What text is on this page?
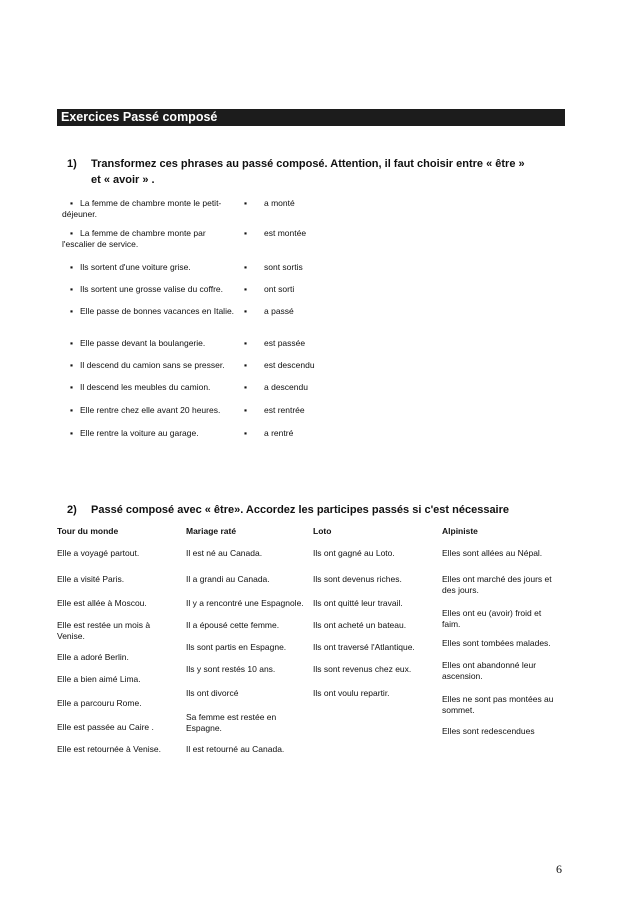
Exercices Passé composé
1) Transformez ces phrases au passé composé. Attention, il faut choisir entre « être » et « avoir » .
▪ La femme de chambre monte le petit-déjeuner.
▪ La femme de chambre monte par l'escalier de service.
▪ Ils sortent d'une voiture grise.
▪ Ils sortent une grosse valise du coffre.
▪ Elle passe de bonnes vacances en Italie.
▪ Elle passe devant la boulangerie.
▪ Il descend du camion sans se presser.
▪ Il descend les meubles du camion.
▪ Elle rentre chez elle avant 20 heures.
▪ Elle rentre la voiture au garage.
▪ a monté
▪ est montée
▪ sont sortis
▪ ont sorti
▪ a passé
▪ est passée
▪ est descendu
▪ a descendu
▪ est rentrée
▪ a rentré
2) Passé composé avec « être». Accordez les participes passés si c'est nécessaire
Tour du monde
Elle a voyagé partout.
Elle a visité Paris.
Elle est allée à Moscou.
Elle est restée un mois à Venise.
Elle a adoré Berlin.
Elle a bien aimé Lima.
Elle a parcouru Rome.
Elle est passée au Caire .
Elle est retournée à Venise.
Mariage raté
Il est né au Canada.
Il a grandi au Canada.
Il y a rencontré une Espagnole.
Il a épousé cette femme.
Ils sont partis en Espagne.
Ils y sont restés 10 ans.
Ils ont divorcé
Sa femme est restée en Espagne.
Il est retourné au Canada.
Loto
Ils ont gagné au Loto.
Ils sont devenus riches.
Ils ont quitté leur travail.
Ils ont acheté un bateau.
Ils ont traversé l'Atlantique.
Ils sont revenus chez eux.
Ils ont voulu repartir.
Alpiniste
Elles sont allées au Népal.
Elles ont marché des jours et des jours.
Elles ont eu (avoir) froid et faim.
Elles sont tombées malades.
Elles ont abandonné leur ascension.
Elles ne sont pas montées au sommet.
Elles sont redescendues
6
